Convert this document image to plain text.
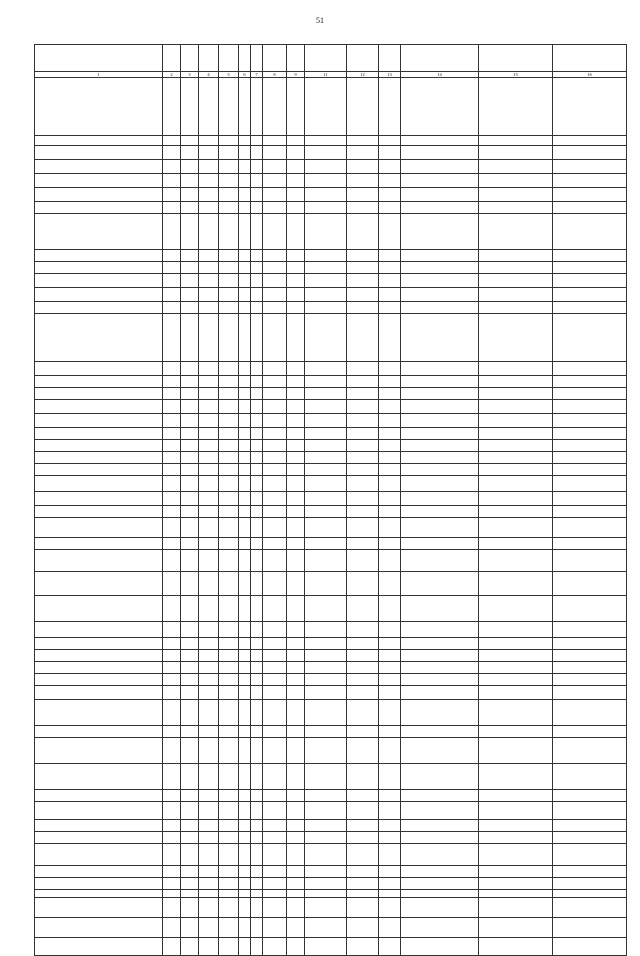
51

1	2	3	4	5	6	7	8	9	11	12	13	14	15	16
